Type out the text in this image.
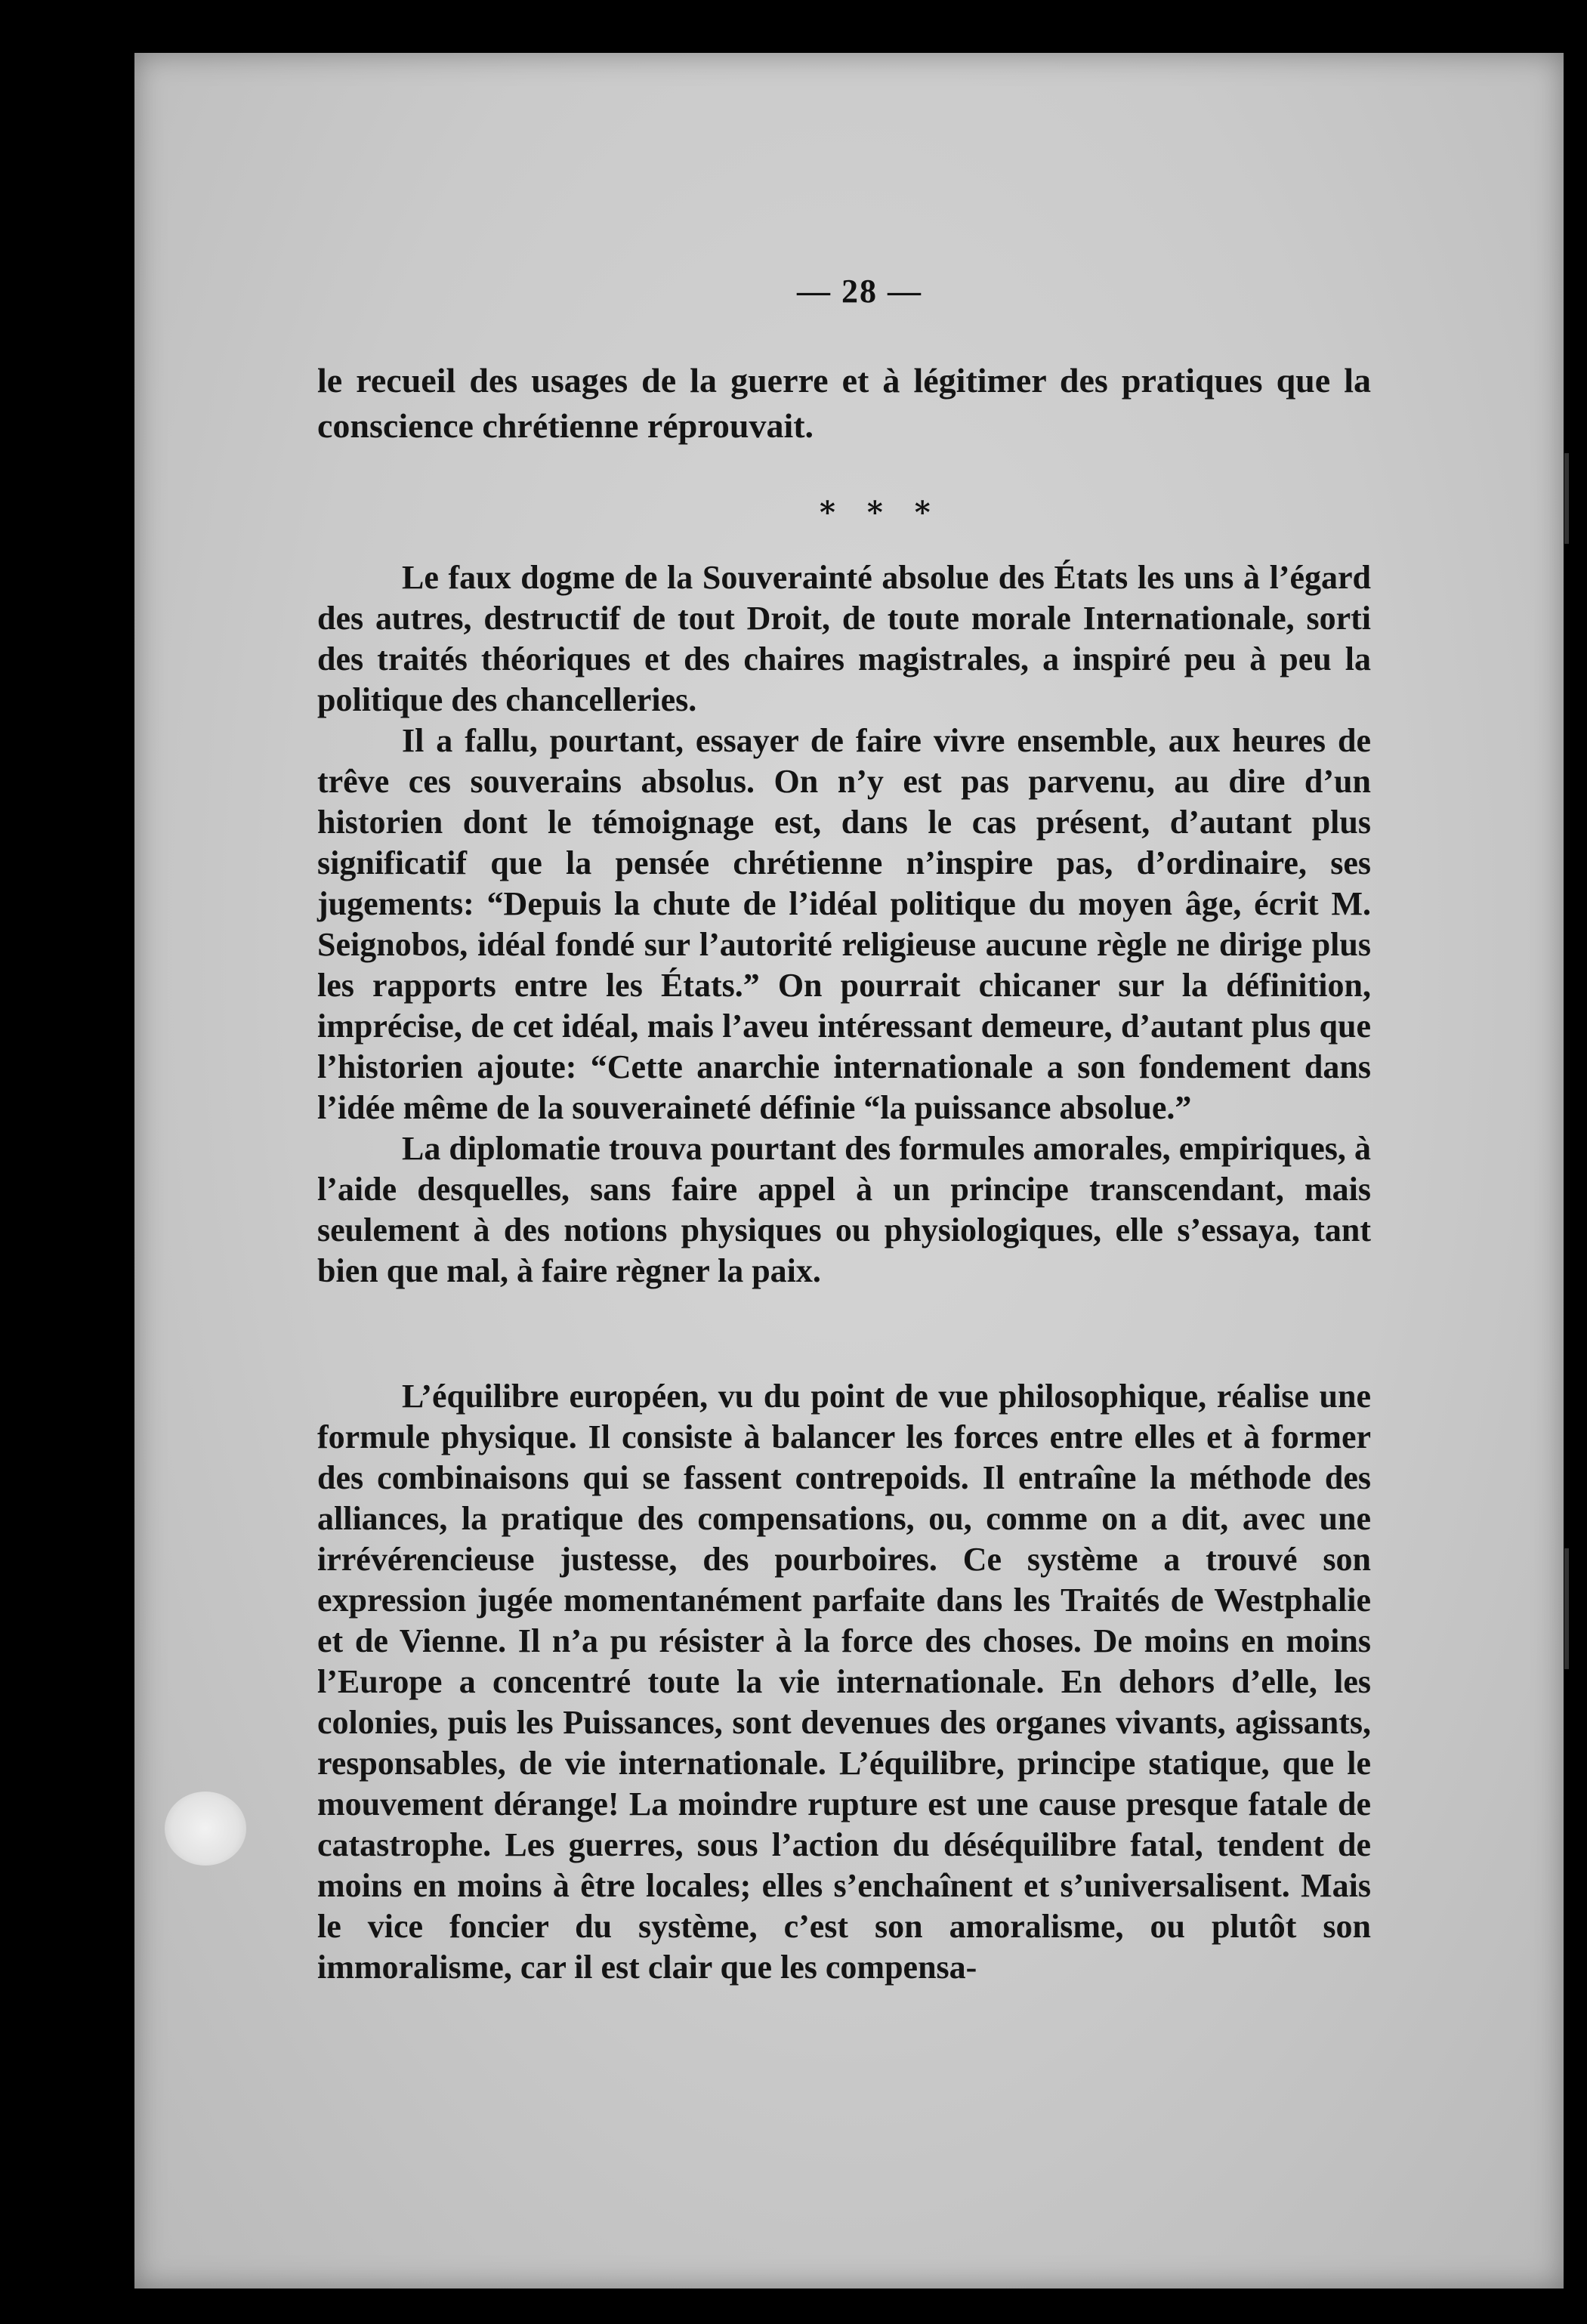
— 28 —

le recueil des usages de la guerre et à légitimer des pratiques que la conscience chrétienne réprouvait.

* * *

Le faux dogme de la Souverainté absolue des États les uns à l’égard des autres, destructif de tout Droit, de toute morale Internationale, sorti des traités théoriques et des chaires magistrales, a inspiré peu à peu la politique des chancelleries.

Il a fallu, pourtant, essayer de faire vivre ensemble, aux heures de trêve ces souverains absolus. On n’y est pas parvenu, au dire d’un historien dont le témoignage est, dans le cas présent, d’autant plus significatif que la pensée chrétienne n’inspire pas, d’ordinaire, ses jugements: “Depuis la chute de l’idéal politique du moyen âge, écrit M. Seignobos, idéal fondé sur l’autorité religieuse aucune règle ne dirige plus les rapports entre les États.” On pourrait chicaner sur la définition, imprécise, de cet idéal, mais l’aveu intéressant demeure, d’autant plus que l’historien ajoute: “Cette anarchie internationale a son fondement dans l’idée même de la souveraineté définie “la puissance absolue.”

La diplomatie trouva pourtant des formules amorales, empiriques, à l’aide desquelles, sans faire appel à un principe transcendant, mais seulement à des notions physiques ou physiologiques, elle s’essaya, tant bien que mal, à faire règner la paix.

L’équilibre européen, vu du point de vue philosophique, réalise une formule physique. Il consiste à balancer les forces entre elles et à former des combinaisons qui se fassent contrepoids. Il entraîne la méthode des alliances, la pratique des compensations, ou, comme on a dit, avec une irrévérencieuse justesse, des pourboires. Ce système a trouvé son expression jugée momentanément parfaite dans les Traités de Westphalie et de Vienne. Il n’a pu résister à la force des choses. De moins en moins l’Europe a concentré toute la vie internationale. En dehors d’elle, les colonies, puis les Puissances, sont devenues des organes vivants, agissants, responsables, de vie internationale. L’équilibre, principe statique, que le mouvement dérange! La moindre rupture est une cause presque fatale de catastrophe. Les guerres, sous l’action du déséquilibre fatal, tendent de moins en moins à être locales; elles s’enchaînent et s’universalisent. Mais le vice foncier du système, c’est son amoralisme, ou plutôt son immoralisme, car il est clair que les compensa-
